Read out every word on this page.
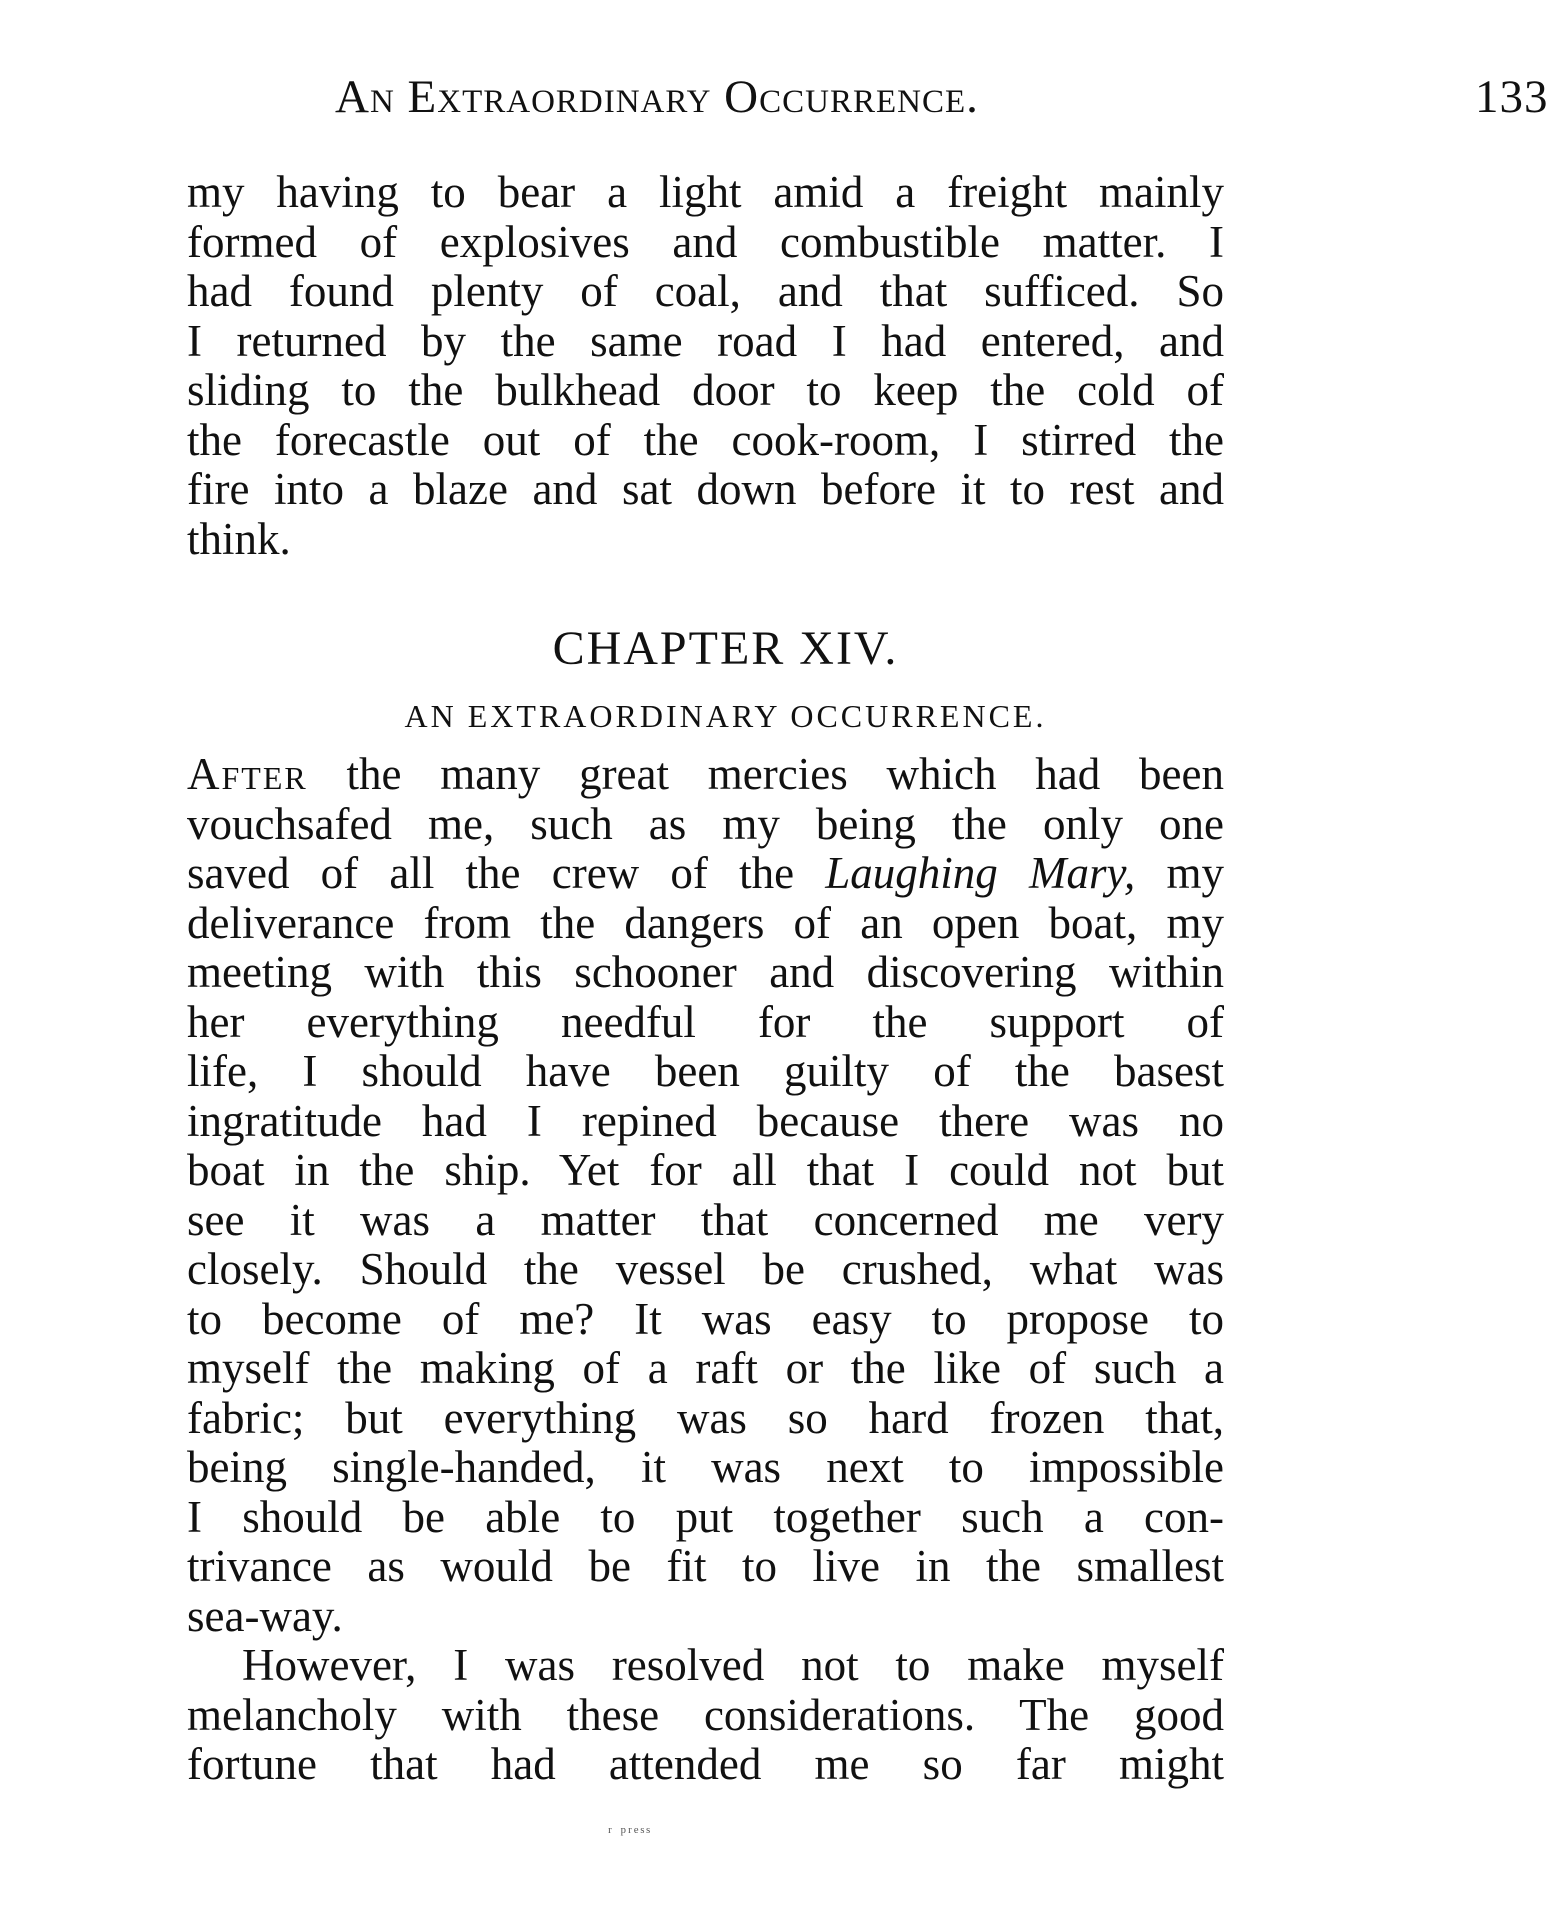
An Extraordinary Occurrence.	133
my having to bear a light amid a freight mainly
formed of explosives and combustible matter. I
had found plenty of coal, and that sufficed. So
I returned by the same road I had entered, and
sliding to the bulkhead door to keep the cold of
the forecastle out of the cook-room, I stirred the
fire into a blaze and sat down before it to rest and
think.
CHAPTER XIV.
AN EXTRAORDINARY OCCURRENCE.
After the many great mercies which had been
vouchsafed me, such as my being the only one
saved of all the crew of the Laughing Mary, my
deliverance from the dangers of an open boat, my
meeting with this schooner and discovering within
her everything needful for the support of
life, I should have been guilty of the basest
ingratitude had I repined because there was no
boat in the ship. Yet for all that I could not but
see it was a matter that concerned me very
closely. Should the vessel be crushed, what was
to become of me? It was easy to propose to
myself the making of a raft or the like of such a
fabric; but everything was so hard frozen that,
being single-handed, it was next to impossible
I should be able to put together such a con-
trivance as would be fit to live in the smallest
sea-way.
However, I was resolved not to make myself
melancholy with these considerations. The good
fortune that had attended me so far might
ʳ ᵖʳᵉˢˢ
